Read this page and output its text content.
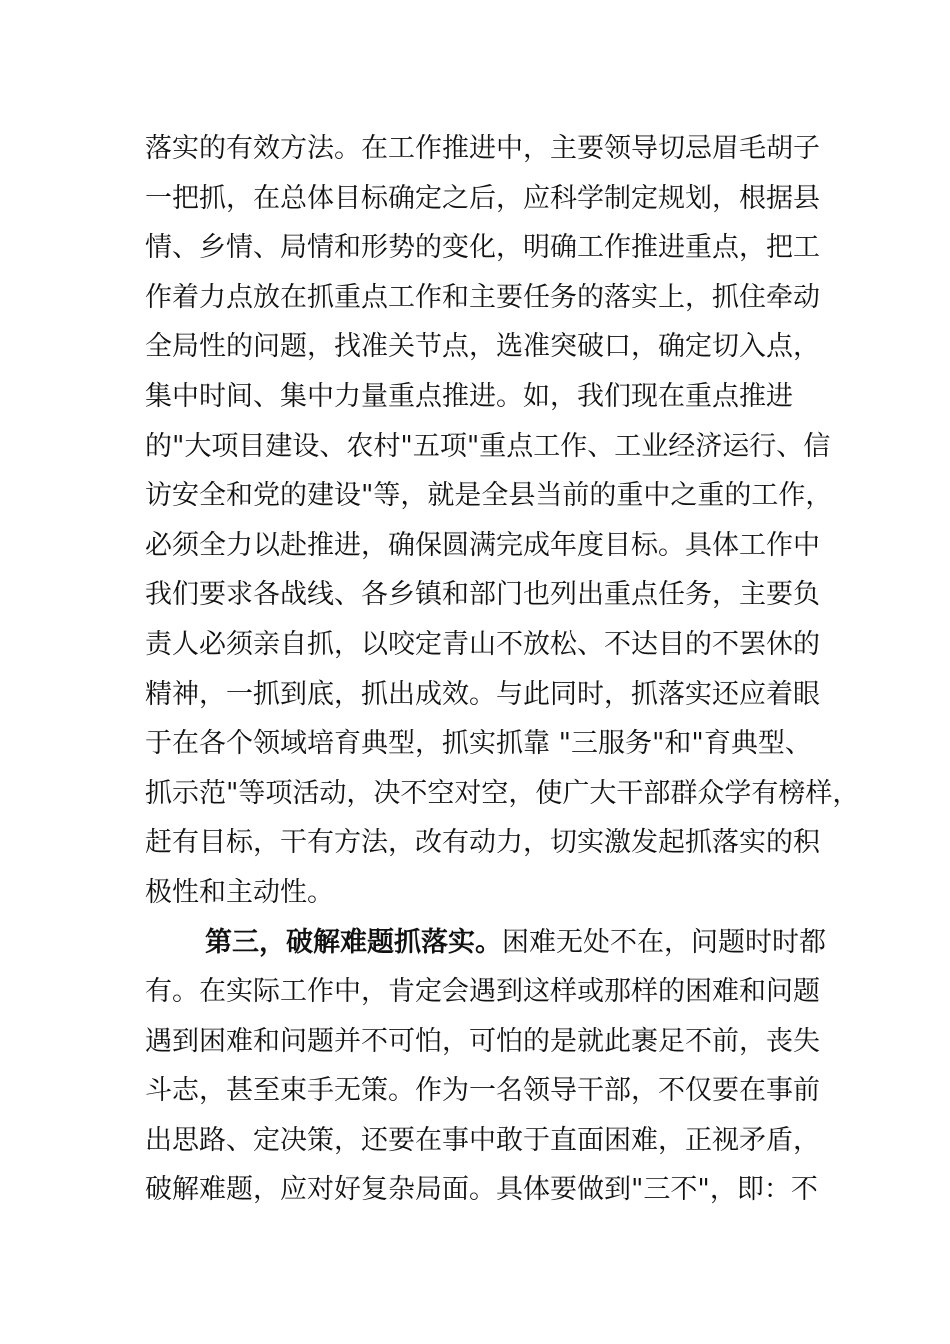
落实的有效方法。在工作推进中，主要领导切忌眉毛胡子
一把抓，在总体目标确定之后，应科学制定规划，根据县
情、乡情、局情和形势的变化，明确工作推进重点，把工
作着力点放在抓重点工作和主要任务的落实上，抓住牵动
全局性的问题，找准关节点，选准突破口，确定切入点，
集中时间、集中力量重点推进。如，我们现在重点推进
的"大项目建设、农村"五项"重点工作、工业经济运行、信
访安全和党的建设"等，就是全县当前的重中之重的工作，
必须全力以赴推进，确保圆满完成年度目标。具体工作中
我们要求各战线、各乡镇和部门也列出重点任务，主要负
责人必须亲自抓，以咬定青山不放松、不达目的不罢休的
精神，一抓到底，抓出成效。与此同时，抓落实还应着眼
于在各个领域培育典型，抓实抓靠 "三服务"和"育典型、
抓示范"等项活动，决不空对空，使广大干部群众学有榜样，
赶有目标，干有方法，改有动力，切实激发起抓落实的积
极性和主动性。
第三，破解难题抓落实。困难无处不在，问题时时都
有。在实际工作中，肯定会遇到这样或那样的困难和问题
遇到困难和问题并不可怕，可怕的是就此裹足不前，丧失
斗志，甚至束手无策。作为一名领导干部，不仅要在事前
出思路、定决策，还要在事中敢于直面困难，正视矛盾，
破解难题，应对好复杂局面。具体要做到"三不"，即：不
